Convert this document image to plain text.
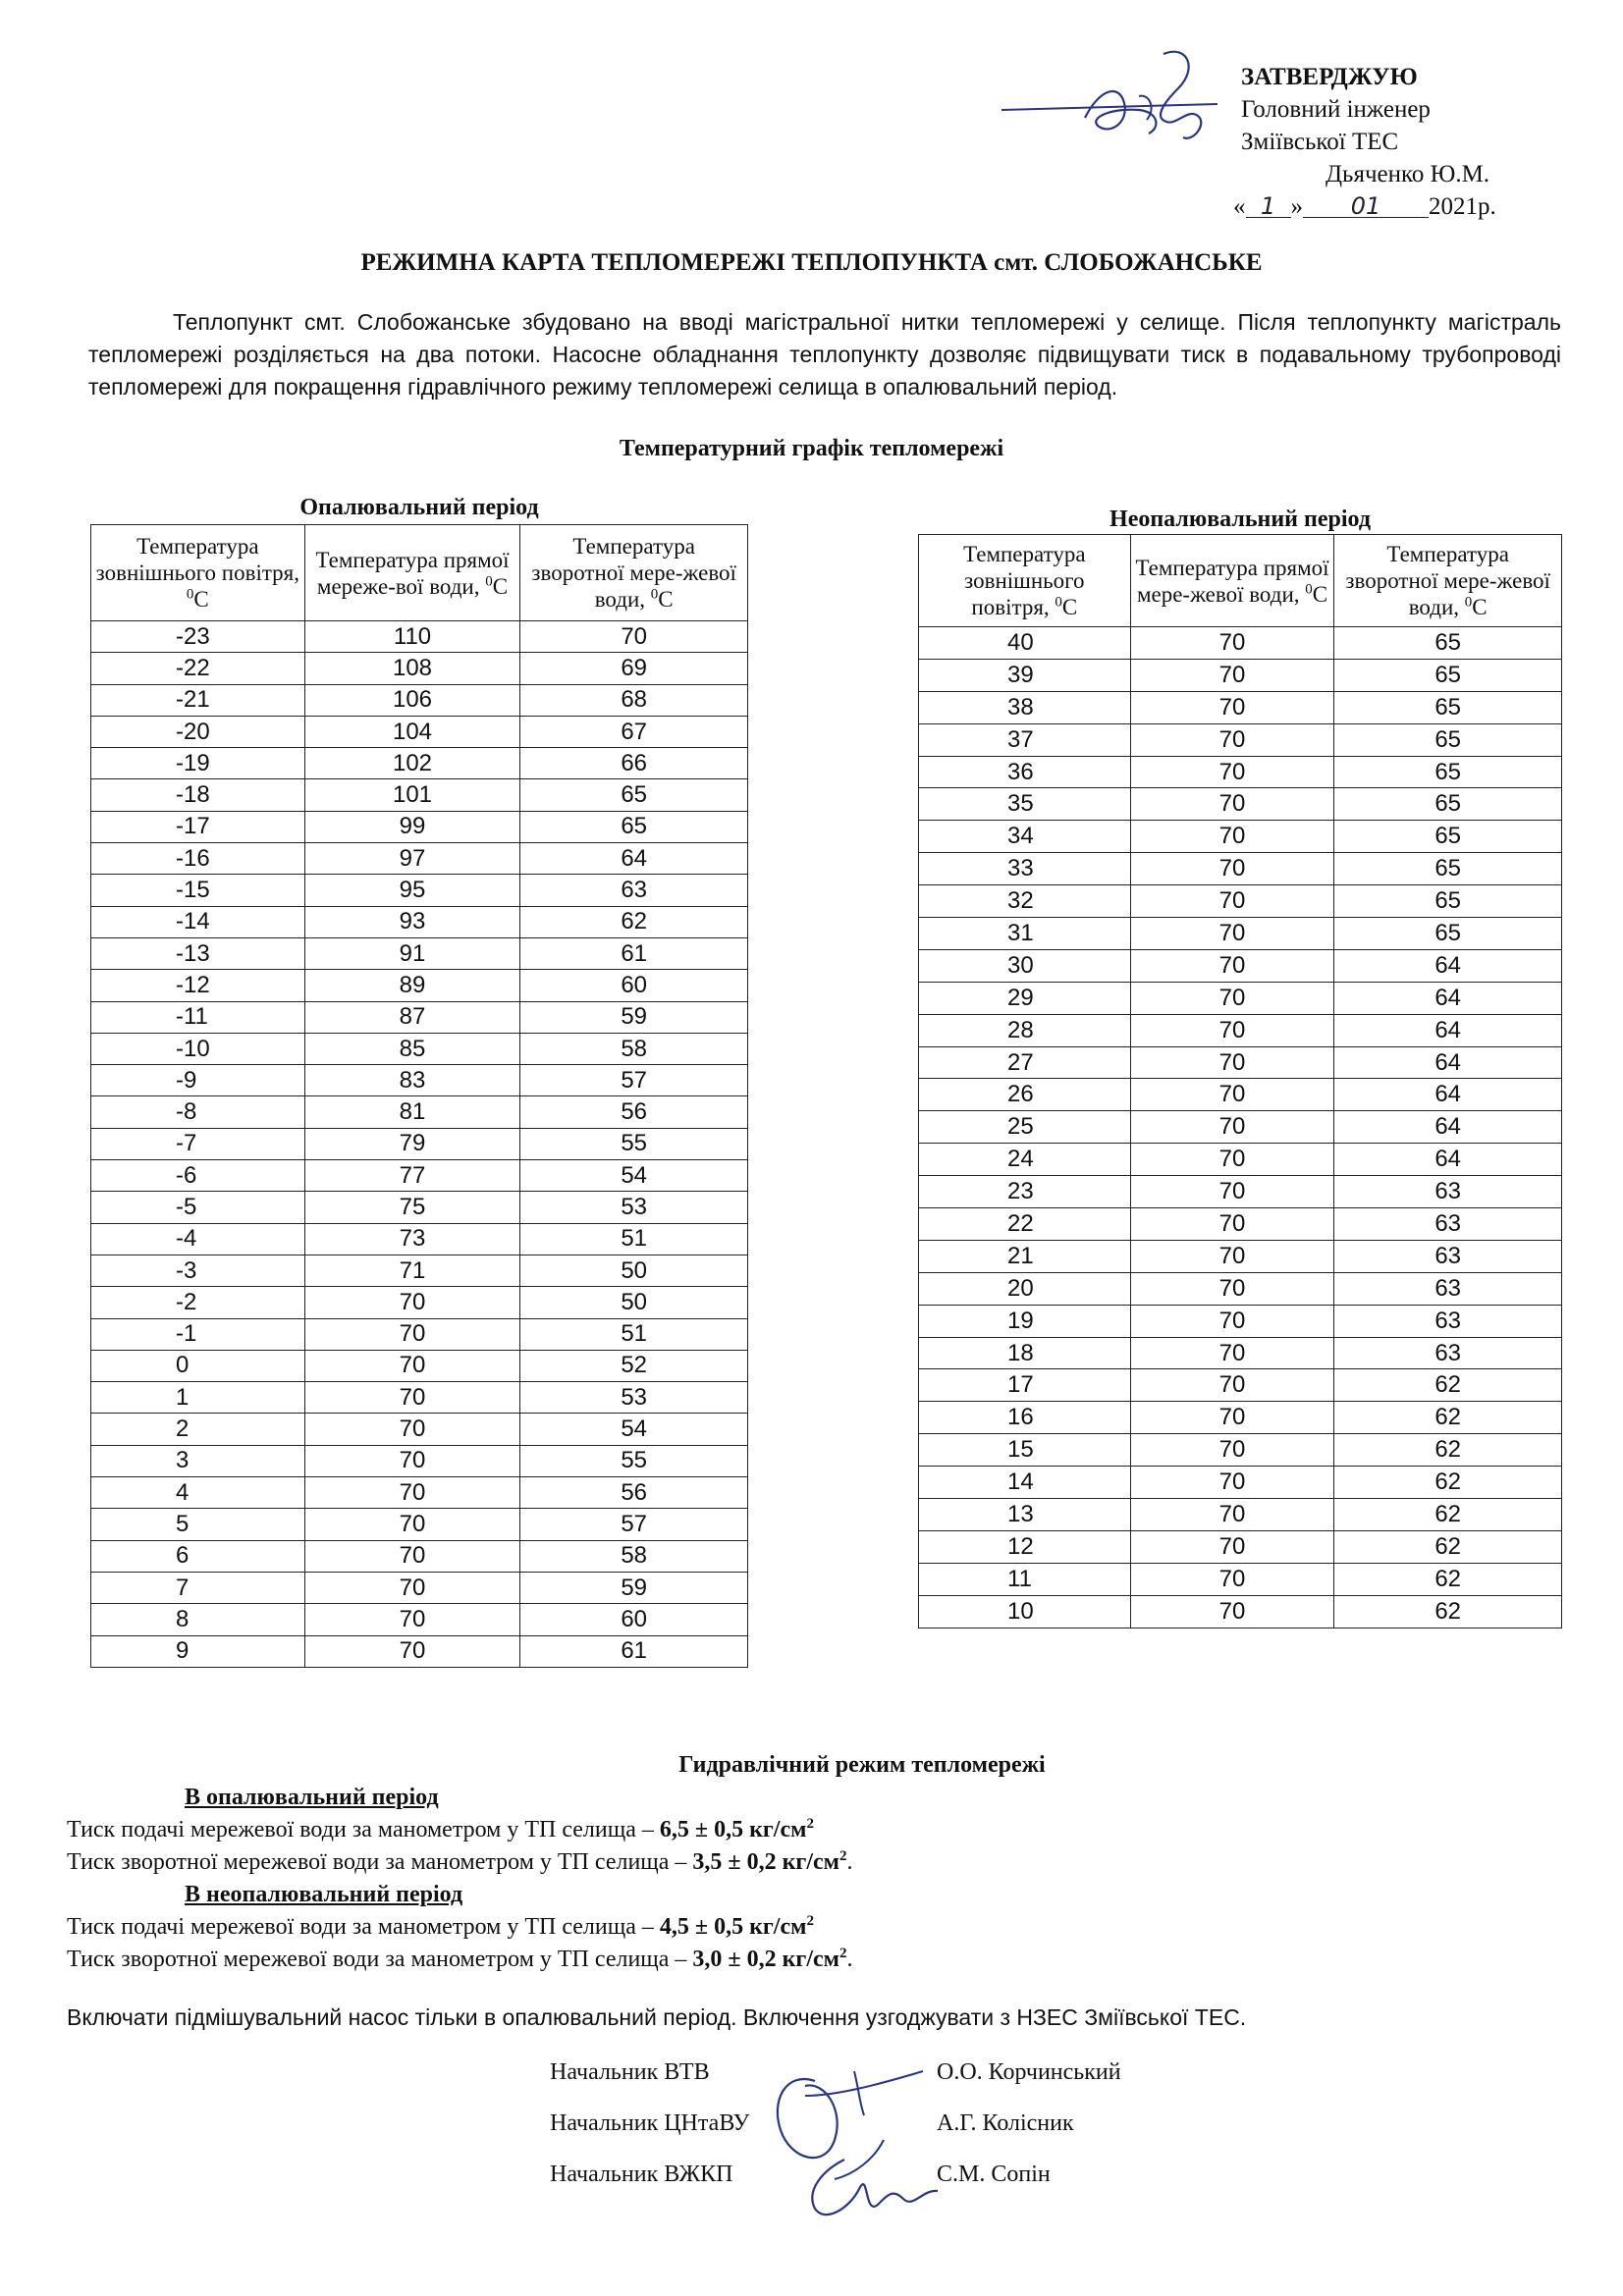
ЗАТВЕРДЖУЮ
Головний інженер
Зміївської ТЕС
Дьяченко Ю.М.
« 1 » 01 2021р.
РЕЖИМНА КАРТА ТЕПЛОМЕРЕЖІ ТЕПЛОПУНКТА смт. СЛОБОЖАНСЬКЕ
Теплопункт смт. Слобожанське збудовано на вводі магістральної нитки тепломережі у селище. Після теплопункту магістраль тепломережі розділяється на два потоки. Насосне обладнання теплопункту дозволяє підвищувати тиск в подавальному трубопроводі тепломережі для покращення гідравлічного режиму тепломережі селища в опалювальний період.
Температурний графік тепломережі
Опалювальний період
Температура зовнішнього повітря, $^0$С	Температура прямої мереже-вої води, $^0$С	Температура зворотної мере-жевої води, $^0$С
-23	110	70
-22	108	69
-21	106	68
-20	104	67
-19	102	66
-18	101	65
-17	99	65
-16	97	64
-15	95	63
-14	93	62
-13	91	61
-12	89	60
-11	87	59
-10	85	58
-9	83	57
-8	81	56
-7	79	55
-6	77	54
-5	75	53
-4	73	51
-3	71	50
-2	70	50
-1	70	51
0	70	52
1	70	53
2	70	54
3	70	55
4	70	56
5	70	57
6	70	58
7	70	59
8	70	60
9	70	61
Неопалювальний період
Температура зовнішнього повітря, $^0$С	Температура прямої мере-жевої води, $^0$С	Температура зворотної мере-жевої води, $^0$С
40	70	65
39	70	65
38	70	65
37	70	65
36	70	65
35	70	65
34	70	65
33	70	65
32	70	65
31	70	65
30	70	64
29	70	64
28	70	64
27	70	64
26	70	64
25	70	64
24	70	64
23	70	63
22	70	63
21	70	63
20	70	63
19	70	63
18	70	63
17	70	62
16	70	62
15	70	62
14	70	62
13	70	62
12	70	62
11	70	62
10	70	62
Гидравлічний режим тепломережі
В опалювальний період
Тиск подачі мережевої води за манометром у ТП селища – 6,5 ± 0,5 $кг/см^2$
Тиск зворотної мережевої води за манометром у ТП селища – 3,5 ± 0,2 $кг/см^2$.
В неопалювальний період
Тиск подачі мережевої води за манометром у ТП селища – 4,5 ± 0,5 $кг/см^2$
Тиск зворотної мережевої води за манометром у ТП селища – 3,0 ± 0,2 $кг/см^2$.
Включати підмішувальний насос тільки в опалювальний період. Включення узгоджувати з НЗЕС Зміївської ТЕС.
Начальник ВТВ	О.О. Корчинський
Начальник ЦНтаВУ	А.Г. Колісник
Начальник ВЖКП	С.М. Сопін
